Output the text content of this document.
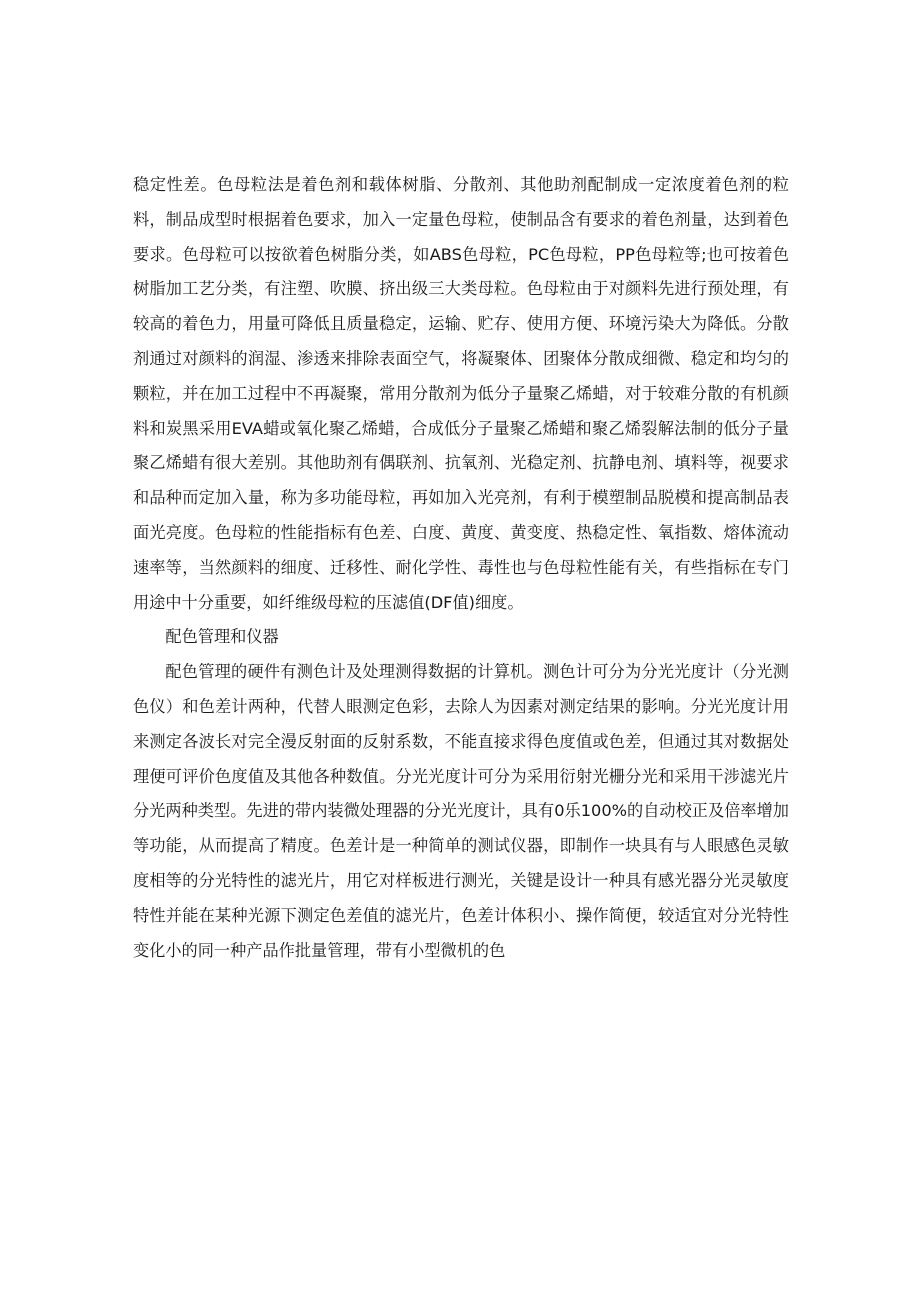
稳定性差。色母粒法是着色剂和载体树脂、分散剂、其他助剂配制成一定浓度着色剂的粒料，制品成型时根据着色要求，加入一定量色母粒，使制品含有要求的着色剂量，达到着色要求。色母粒可以按欲着色树脂分类，如ABS色母粒，PC色母粒，PP色母粒等;也可按着色树脂加工艺分类，有注塑、吹膜、挤出级三大类母粒。色母粒由于对颜料先进行预处理，有较高的着色力，用量可降低且质量稳定，运输、贮存、使用方便、环境污染大为降低。分散剂通过对颜料的润湿、渗透来排除表面空气，将凝聚体、团聚体分散成细微、稳定和均匀的颗粒，并在加工过程中不再凝聚，常用分散剂为低分子量聚乙烯蜡，对于较难分散的有机颜料和炭黑采用EVA蜡或氧化聚乙烯蜡，合成低分子量聚乙烯蜡和聚乙烯裂解法制的低分子量聚乙烯蜡有很大差别。其他助剂有偶联剂、抗氧剂、光稳定剂、抗静电剂、填料等，视要求和品种而定加入量，称为多功能母粒，再如加入光亮剂，有利于模塑制品脱模和提高制品表面光亮度。色母粒的性能指标有色差、白度、黄度、黄变度、热稳定性、氧指数、熔体流动速率等，当然颜料的细度、迁移性、耐化学性、毒性也与色母粒性能有关，有些指标在专门用途中十分重要，如纤维级母粒的压滤值(DF值)细度。

配色管理和仪器

配色管理的硬件有测色计及处理测得数据的计算机。测色计可分为分光光度计（分光测色仪）和色差计两种，代替人眼测定色彩，去除人为因素对测定结果的影响。分光光度计用来测定各波长对完全漫反射面的反射系数，不能直接求得色度值或色差，但通过其对数据处理便可评价色度值及其他各种数值。分光光度计可分为采用衍射光栅分光和采用干涉滤光片分光两种类型。先进的带内装微处理器的分光光度计，具有0乐100%的自动校正及倍率增加等功能，从而提高了精度。色差计是一种简单的测试仪器，即制作一块具有与人眼感色灵敏度相等的分光特性的滤光片，用它对样板进行测光，关键是设计一种具有感光器分光灵敏度特性并能在某种光源下测定色差值的滤光片，色差计体积小、操作简便，较适宜对分光特性变化小的同一种产品作批量管理，带有小型微机的色
